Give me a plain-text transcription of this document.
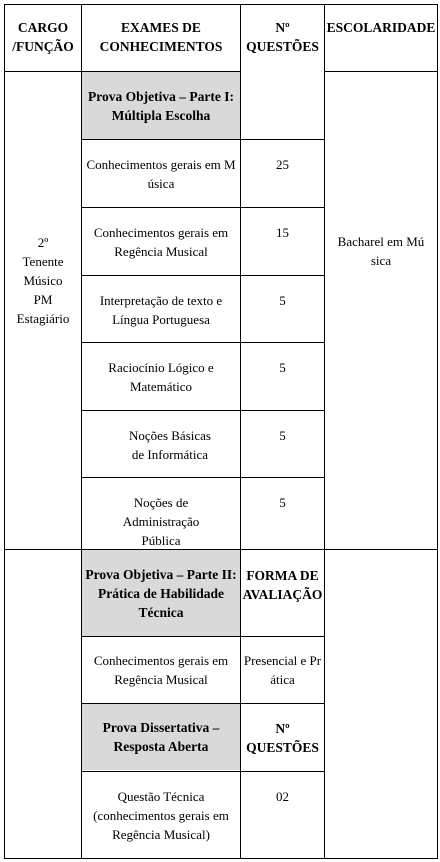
Prova Objetiva – Parte I:
Múltipla Escolha
Prova Objetiva – Parte II:
Prática de Habilidade
Técnica
Prova Dissertativa –
Resposta Aberta
CARGO
/FUNÇÃO
EXAMES DE
CONHECIMENTOS
Nº
QUESTÕES
ESCOLARIDADE
2º
Tenente
Músico
PM
Estagiário
Bacharel em Mú
sica
Conhecimentos gerais em M
úsica
25
Conhecimentos gerais em
Regência Musical
15
Interpretação de texto e
Língua Portuguesa
5
Raciocínio Lógico e
Matemático
5
Noções Básicas
de Informática
5
Noções de
Administração
Pública
5
FORMA DE
AVALIAÇÃO
Conhecimentos gerais em
Regência Musical
Presencial e Pr
ática
Nº
QUESTÕES
Questão Técnica
(conhecimentos gerais em
Regência Musical)
02
